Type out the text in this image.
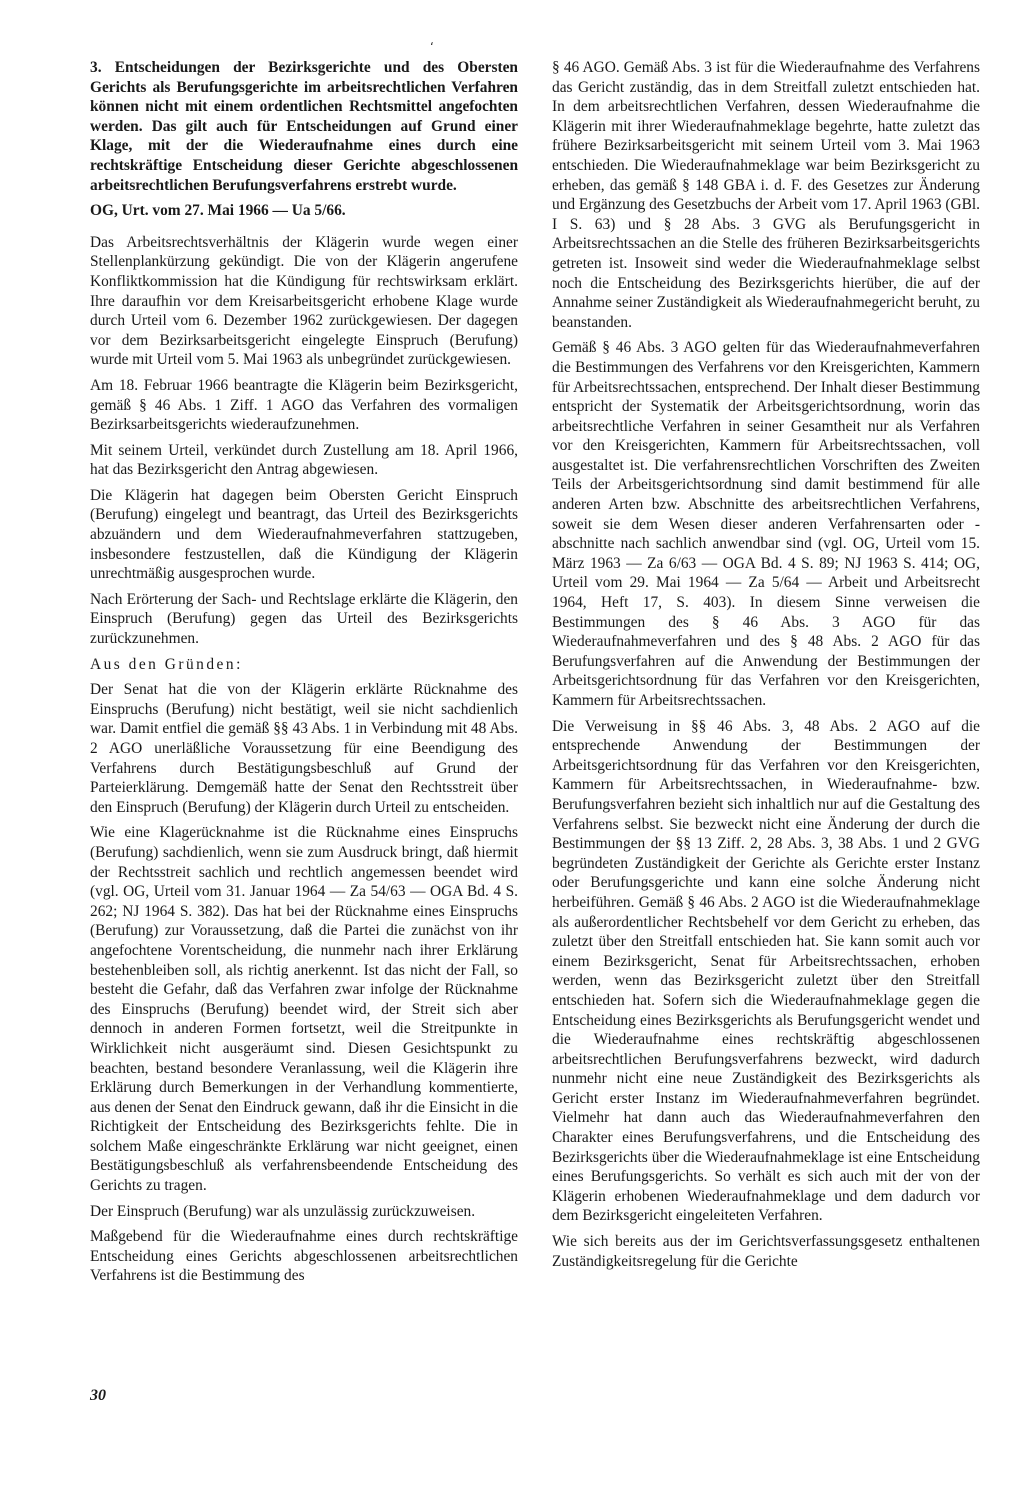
‘

3. Entscheidungen der Bezirksgerichte und des Obersten Gerichts als Berufungsgerichte im arbeitsrechtlichen Verfahren können nicht mit einem ordentlichen Rechtsmittel angefochten werden. Das gilt auch für Entscheidungen auf Grund einer Klage, mit der die Wiederaufnahme eines durch eine rechtskräftige Entscheidung dieser Gerichte abgeschlossenen arbeitsrechtlichen Berufungsverfahrens erstrebt wurde.

OG, Urt. vom 27. Mai 1966 — Ua 5/66.

Das Arbeitsrechtsverhältnis der Klägerin wurde wegen einer Stellenplankürzung gekündigt. Die von der Klägerin angerufene Konfliktkommission hat die Kündigung für rechtswirksam erklärt. Ihre daraufhin vor dem Kreisarbeitsgericht erhobene Klage wurde durch Urteil vom 6. Dezember 1962 zurückgewiesen. Der dagegen vor dem Bezirksarbeitsgericht eingelegte Einspruch (Berufung) wurde mit Urteil vom 5. Mai 1963 als unbegründet zurückgewiesen.

Am 18. Februar 1966 beantragte die Klägerin beim Bezirksgericht, gemäß § 46 Abs. 1 Ziff. 1 AGO das Verfahren des vormaligen Bezirksarbeitsgerichts wiederaufzunehmen.

Mit seinem Urteil, verkündet durch Zustellung am 18. April 1966, hat das Bezirksgericht den Antrag abgewiesen.

Die Klägerin hat dagegen beim Obersten Gericht Einspruch (Berufung) eingelegt und beantragt, das Urteil des Bezirksgerichts abzuändern und dem Wiederaufnahmeverfahren stattzugeben, insbesondere festzustellen, daß die Kündigung der Klägerin unrechtmäßig ausgesprochen wurde.

Nach Erörterung der Sach- und Rechtslage erklärte die Klägerin, den Einspruch (Berufung) gegen das Urteil des Bezirksgerichts zurückzunehmen.

Aus den Gründen:

Der Senat hat die von der Klägerin erklärte Rücknahme des Einspruchs (Berufung) nicht bestätigt, weil sie nicht sachdienlich war. Damit entfiel die gemäß §§ 43 Abs. 1 in Verbindung mit 48 Abs. 2 AGO unerläßliche Voraussetzung für eine Beendigung des Verfahrens durch Bestätigungsbeschluß auf Grund der Parteierklärung. Demgemäß hatte der Senat den Rechtsstreit über den Einspruch (Berufung) der Klägerin durch Urteil zu entscheiden.

Wie eine Klagerücknahme ist die Rücknahme eines Einspruchs (Berufung) sachdienlich, wenn sie zum Ausdruck bringt, daß hiermit der Rechtsstreit sachlich und rechtlich angemessen beendet wird (vgl. OG, Urteil vom 31. Januar 1964 — Za 54/63 — OGA Bd. 4 S. 262; NJ 1964 S. 382). Das hat bei der Rücknahme eines Einspruchs (Berufung) zur Voraussetzung, daß die Partei die zunächst von ihr angefochtene Vorentscheidung, die nunmehr nach ihrer Erklärung bestehenbleiben soll, als richtig anerkennt. Ist das nicht der Fall, so besteht die Gefahr, daß das Verfahren zwar infolge der Rücknahme des Einspruchs (Berufung) beendet wird, der Streit sich aber dennoch in anderen Formen fortsetzt, weil die Streitpunkte in Wirklichkeit nicht ausgeräumt sind. Diesen Gesichtspunkt zu beachten, bestand besondere Veranlassung, weil die Klägerin ihre Erklärung durch Bemerkungen in der Verhandlung kommentierte, aus denen der Senat den Eindruck gewann, daß ihr die Einsicht in die Richtigkeit der Entscheidung des Bezirksgerichts fehlte. Die in solchem Maße eingeschränkte Erklärung war nicht geeignet, einen Bestätigungsbeschluß als verfahrensbeendende Entscheidung des Gerichts zu tragen.

Der Einspruch (Berufung) war als unzulässig zurückzuweisen.

Maßgebend für die Wiederaufnahme eines durch rechtskräftige Entscheidung eines Gerichts abgeschlossenen arbeitsrechtlichen Verfahrens ist die Bestimmung des

§ 46 AGO. Gemäß Abs. 3 ist für die Wiederaufnahme des Verfahrens das Gericht zuständig, das in dem Streitfall zuletzt entschieden hat. In dem arbeitsrechtlichen Verfahren, dessen Wiederaufnahme die Klägerin mit ihrer Wiederaufnahmeklage begehrte, hatte zuletzt das frühere Bezirksarbeitsgericht mit seinem Urteil vom 3. Mai 1963 entschieden. Die Wiederaufnahmeklage war beim Bezirksgericht zu erheben, das gemäß § 148 GBA i. d. F. des Gesetzes zur Änderung und Ergänzung des Gesetzbuchs der Arbeit vom 17. April 1963 (GBl. I S. 63) und § 28 Abs. 3 GVG als Berufungsgericht in Arbeitsrechtssachen an die Stelle des früheren Bezirksarbeitsgerichts getreten ist. Insoweit sind weder die Wiederaufnahmeklage selbst noch die Entscheidung des Bezirksgerichts hierüber, die auf der Annahme seiner Zuständigkeit als Wiederaufnahmegericht beruht, zu beanstanden.

Gemäß § 46 Abs. 3 AGO gelten für das Wiederaufnahmeverfahren die Bestimmungen des Verfahrens vor den Kreisgerichten, Kammern für Arbeitsrechtssachen, entsprechend. Der Inhalt dieser Bestimmung entspricht der Systematik der Arbeitsgerichtsordnung, worin das arbeitsrechtliche Verfahren in seiner Gesamtheit nur als Verfahren vor den Kreisgerichten, Kammern für Arbeitsrechtssachen, voll ausgestaltet ist. Die verfahrensrechtlichen Vorschriften des Zweiten Teils der Arbeitsgerichtsordnung sind damit bestimmend für alle anderen Arten bzw. Abschnitte des arbeitsrechtlichen Verfahrens, soweit sie dem Wesen dieser anderen Verfahrensarten oder -abschnitte nach sachlich anwendbar sind (vgl. OG, Urteil vom 15. März 1963 — Za 6/63 — OGA Bd. 4 S. 89; NJ 1963 S. 414; OG, Urteil vom 29. Mai 1964 — Za 5/64 — Arbeit und Arbeitsrecht 1964, Heft 17, S. 403). In diesem Sinne verweisen die Bestimmungen des § 46 Abs. 3 AGO für das Wiederaufnahmeverfahren und des § 48 Abs. 2 AGO für das Berufungsverfahren auf die Anwendung der Bestimmungen der Arbeitsgerichtsordnung für das Verfahren vor den Kreisgerichten, Kammern für Arbeitsrechtssachen.

Die Verweisung in §§ 46 Abs. 3, 48 Abs. 2 AGO auf die entsprechende Anwendung der Bestimmungen der Arbeitsgerichtsordnung für das Verfahren vor den Kreisgerichten, Kammern für Arbeitsrechtssachen, in Wiederaufnahme- bzw. Berufungsverfahren bezieht sich inhaltlich nur auf die Gestaltung des Verfahrens selbst. Sie bezweckt nicht eine Änderung der durch die Bestimmungen der §§ 13 Ziff. 2, 28 Abs. 3, 38 Abs. 1 und 2 GVG begründeten Zuständigkeit der Gerichte als Gerichte erster Instanz oder Berufungsgerichte und kann eine solche Änderung nicht herbeiführen. Gemäß § 46 Abs. 2 AGO ist die Wiederaufnahmeklage als außerordentlicher Rechtsbehelf vor dem Gericht zu erheben, das zuletzt über den Streitfall entschieden hat. Sie kann somit auch vor einem Bezirksgericht, Senat für Arbeitsrechtssachen, erhoben werden, wenn das Bezirksgericht zuletzt über den Streitfall entschieden hat. Sofern sich die Wiederaufnahmeklage gegen die Entscheidung eines Bezirksgerichts als Berufungsgericht wendet und die Wiederaufnahme eines rechtskräftig abgeschlossenen arbeitsrechtlichen Berufungsverfahrens bezweckt, wird dadurch nunmehr nicht eine neue Zuständigkeit des Bezirksgerichts als Gericht erster Instanz im Wiederaufnahmeverfahren begründet. Vielmehr hat dann auch das Wiederaufnahmeverfahren den Charakter eines Berufungsverfahrens, und die Entscheidung des Bezirksgerichts über die Wiederaufnahmeklage ist eine Entscheidung eines Berufungsgerichts. So verhält es sich auch mit der von der Klägerin erhobenen Wiederaufnahmeklage und dem dadurch vor dem Bezirksgericht eingeleiteten Verfahren.

Wie sich bereits aus der im Gerichtsverfassungsgesetz enthaltenen Zuständigkeitsregelung für die Gerichte

30
